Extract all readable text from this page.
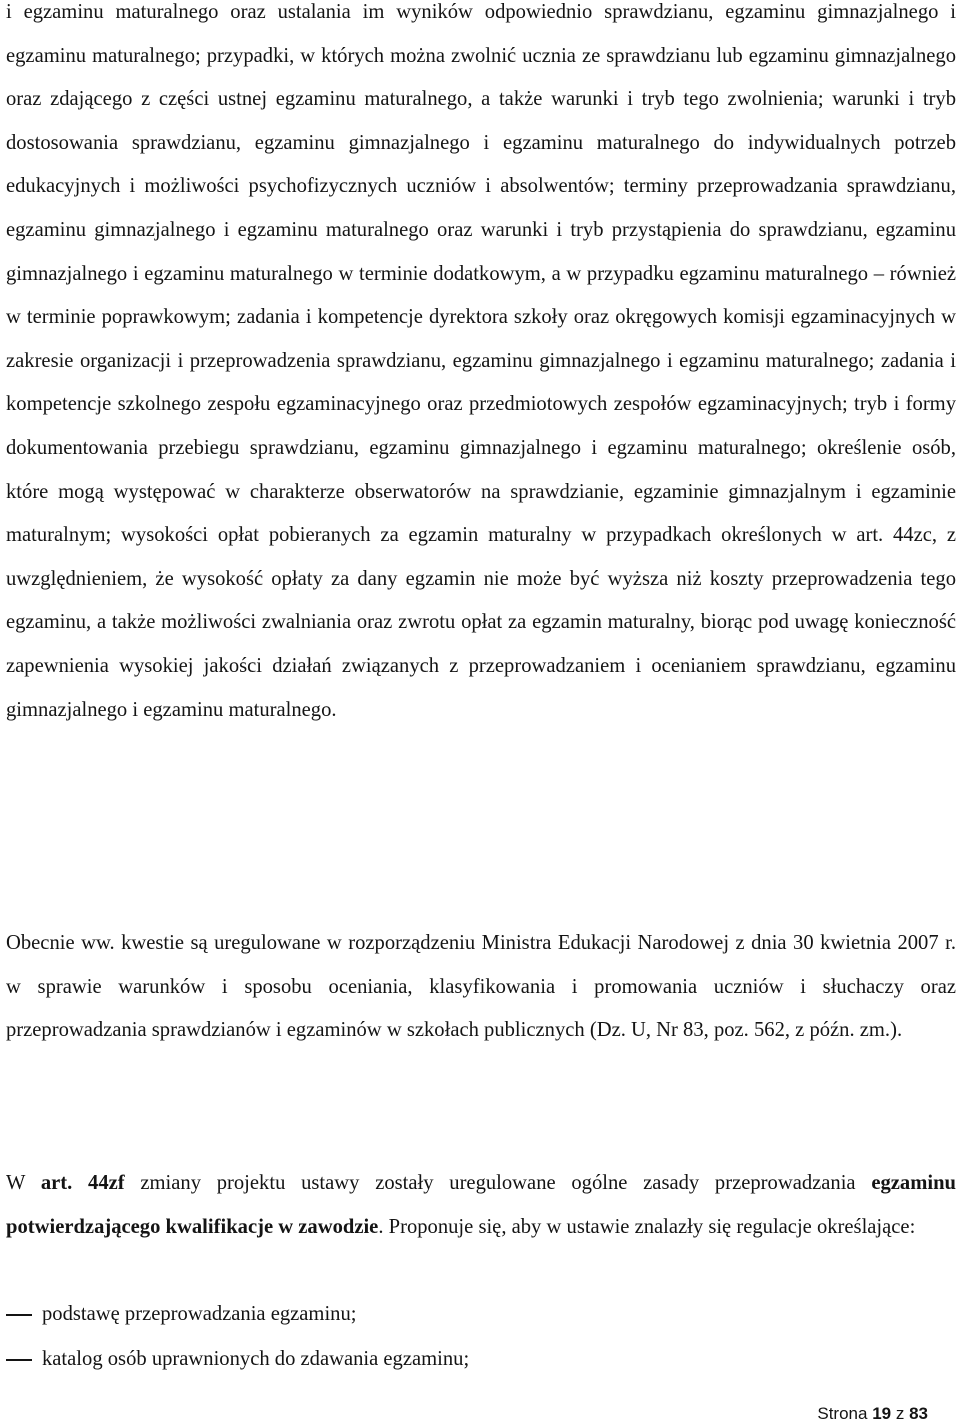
i egzaminu maturalnego oraz ustalania im wyników odpowiednio sprawdzianu, egzaminu gimnazjalnego i egzaminu maturalnego; przypadki, w których można zwolnić ucznia ze sprawdzianu lub egzaminu gimnazjalnego oraz zdającego z części ustnej egzaminu maturalnego, a także warunki i tryb tego zwolnienia; warunki i tryb dostosowania sprawdzianu, egzaminu gimnazjalnego i egzaminu maturalnego do indywidualnych potrzeb edukacyjnych i możliwości psychofizycznych uczniów i absolwentów; terminy przeprowadzania sprawdzianu, egzaminu gimnazjalnego i egzaminu maturalnego oraz warunki i tryb przystąpienia do sprawdzianu, egzaminu gimnazjalnego i egzaminu maturalnego w terminie dodatkowym, a w przypadku egzaminu maturalnego – również w terminie poprawkowym; zadania i kompetencje dyrektora szkoły oraz okręgowych komisji egzaminacyjnych w zakresie organizacji i przeprowadzenia sprawdzianu, egzaminu gimnazjalnego i egzaminu maturalnego; zadania i kompetencje szkolnego zespołu egzaminacyjnego oraz przedmiotowych zespołów egzaminacyjnych; tryb i formy dokumentowania przebiegu sprawdzianu, egzaminu gimnazjalnego i egzaminu maturalnego; określenie osób, które mogą występować w charakterze obserwatorów na sprawdzianie, egzaminie gimnazjalnym i egzaminie maturalnym; wysokości opłat pobieranych za egzamin maturalny w przypadkach określonych w art. 44zc, z uwzględnieniem, że wysokość opłaty za dany egzamin nie może być wyższa niż koszty przeprowadzenia tego egzaminu, a także możliwości zwalniania oraz zwrotu opłat za egzamin maturalny, biorąc pod uwagę konieczność zapewnienia wysokiej jakości działań związanych z przeprowadzaniem i ocenianiem sprawdzianu, egzaminu gimnazjalnego i egzaminu maturalnego.

Obecnie ww. kwestie są uregulowane w rozporządzeniu Ministra Edukacji Narodowej z dnia 30 kwietnia 2007 r. w sprawie warunków i sposobu oceniania, klasyfikowania i promowania uczniów i słuchaczy oraz przeprowadzania sprawdzianów i egzaminów w szkołach publicznych (Dz. U, Nr 83, poz. 562, z późn. zm.).

W art. 44zf zmiany projektu ustawy zostały uregulowane ogólne zasady przeprowadzania egzaminu potwierdzającego kwalifikacje w zawodzie. Proponuje się, aby w ustawie znalazły się regulacje określające:

podstawę przeprowadzania egzaminu;
katalog osób uprawnionych do zdawania egzaminu;
Strona 19 z 83
